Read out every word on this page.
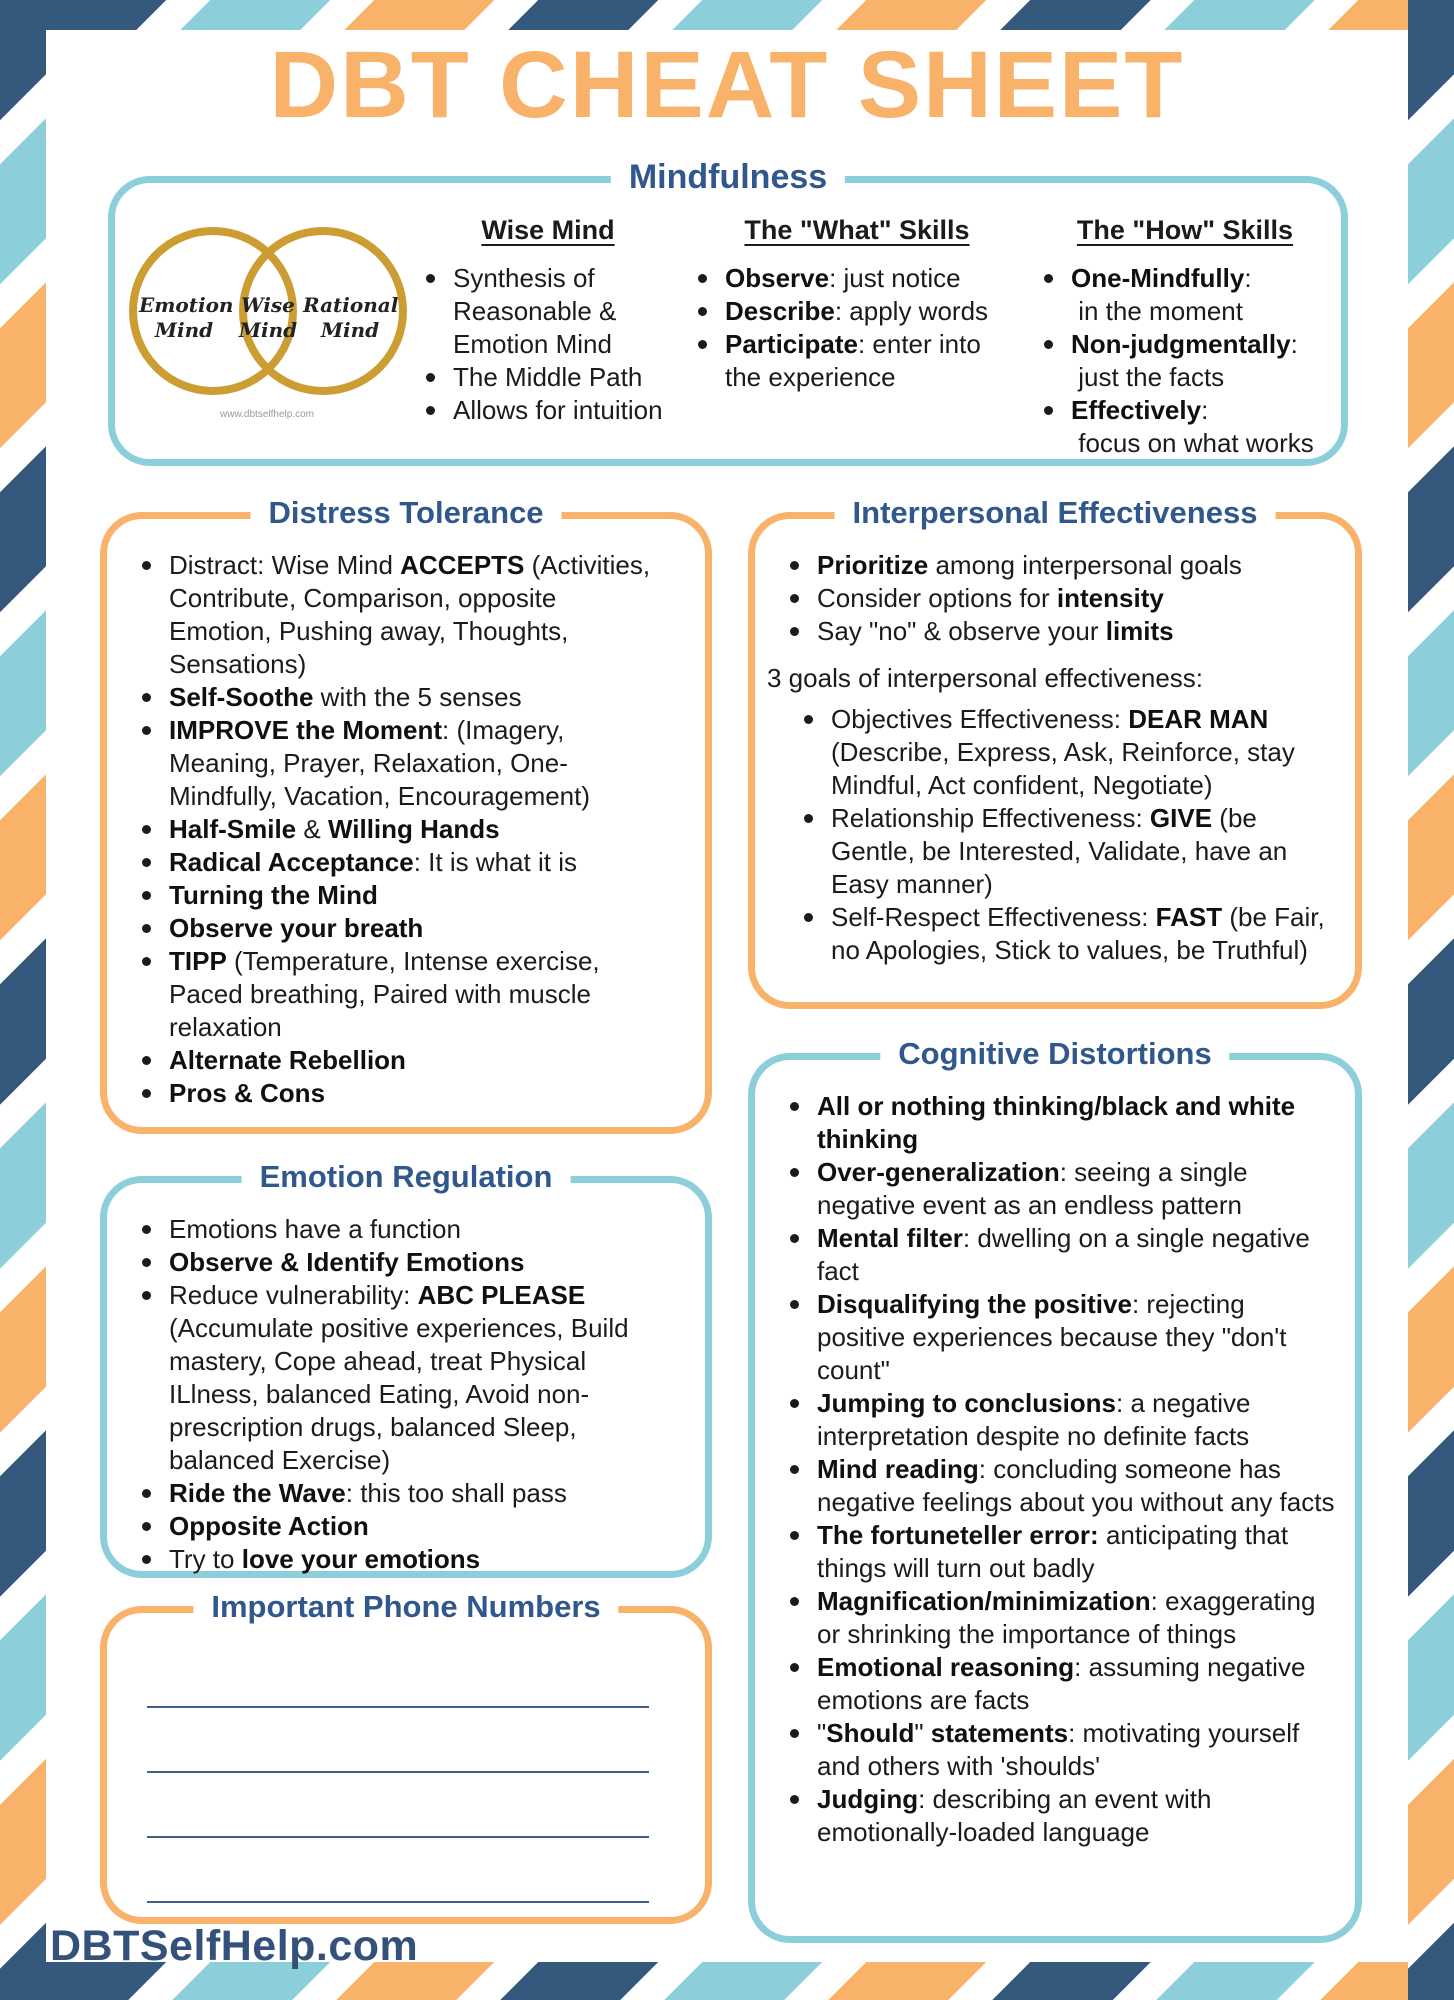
DBT CHEAT SHEET
Mindfulness
Emotion Mind
Wise Mind
Rational Mind
www.dbtselfhelp.com
Wise Mind
Synthesis of
Reasonable &
Emotion Mind
The Middle Path
Allows for intuition
The "What" Skills
Observe: just notice
Describe: apply words
Participate: enter into
the experience
The "How" Skills
One-Mindfully:
in the moment
Non-judgmentally:
just the facts
Effectively:
focus on what works
Distress Tolerance
Distract: Wise Mind ACCEPTS (Activities, Contribute, Comparison, opposite Emotion, Pushing away, Thoughts, Sensations)
Self-Soothe with the 5 senses
IMPROVE the Moment: (Imagery, Meaning, Prayer, Relaxation, One-Mindfully, Vacation, Encouragement)
Half-Smile & Willing Hands
Radical Acceptance: It is what it is
Turning the Mind
Observe your breath
TIPP (Temperature, Intense exercise, Paced breathing, Paired with muscle relaxation
Alternate Rebellion
Pros & Cons
Interpersonal Effectiveness
Prioritize among interpersonal goals
Consider options for intensity
Say "no" & observe your limits

3 goals of interpersonal effectiveness:

Objectives Effectiveness: DEAR MAN (Describe, Express, Ask, Reinforce, stay Mindful, Act confident, Negotiate)
Relationship Effectiveness: GIVE (be Gentle, be Interested, Validate, have an Easy manner)
Self-Respect Effectiveness: FAST (be Fair, no Apologies, Stick to values, be Truthful)
Emotion Regulation
Emotions have a function
Observe & Identify Emotions
Reduce vulnerability: ABC PLEASE (Accumulate positive experiences, Build mastery, Cope ahead, treat Physical ILlness, balanced Eating, Avoid non-prescription drugs, balanced Sleep, balanced Exercise)
Ride the Wave: this too shall pass
Opposite Action
Try to love your emotions
Cognitive Distortions
All or nothing thinking/black and white thinking
Over-generalization: seeing a single negative event as an endless pattern
Mental filter: dwelling on a single negative fact
Disqualifying the positive: rejecting positive experiences because they "don't count"
Jumping to conclusions: a negative interpretation despite no definite facts
Mind reading: concluding someone has negative feelings about you without any facts
The fortuneteller error: anticipating that things will turn out badly
Magnification/minimization: exaggerating or shrinking the importance of things
Emotional reasoning: assuming negative emotions are facts
"Should" statements: motivating yourself and others with 'shoulds'
Judging: describing an event with emotionally-loaded language
Important Phone Numbers
DBTSelfHelp.com
